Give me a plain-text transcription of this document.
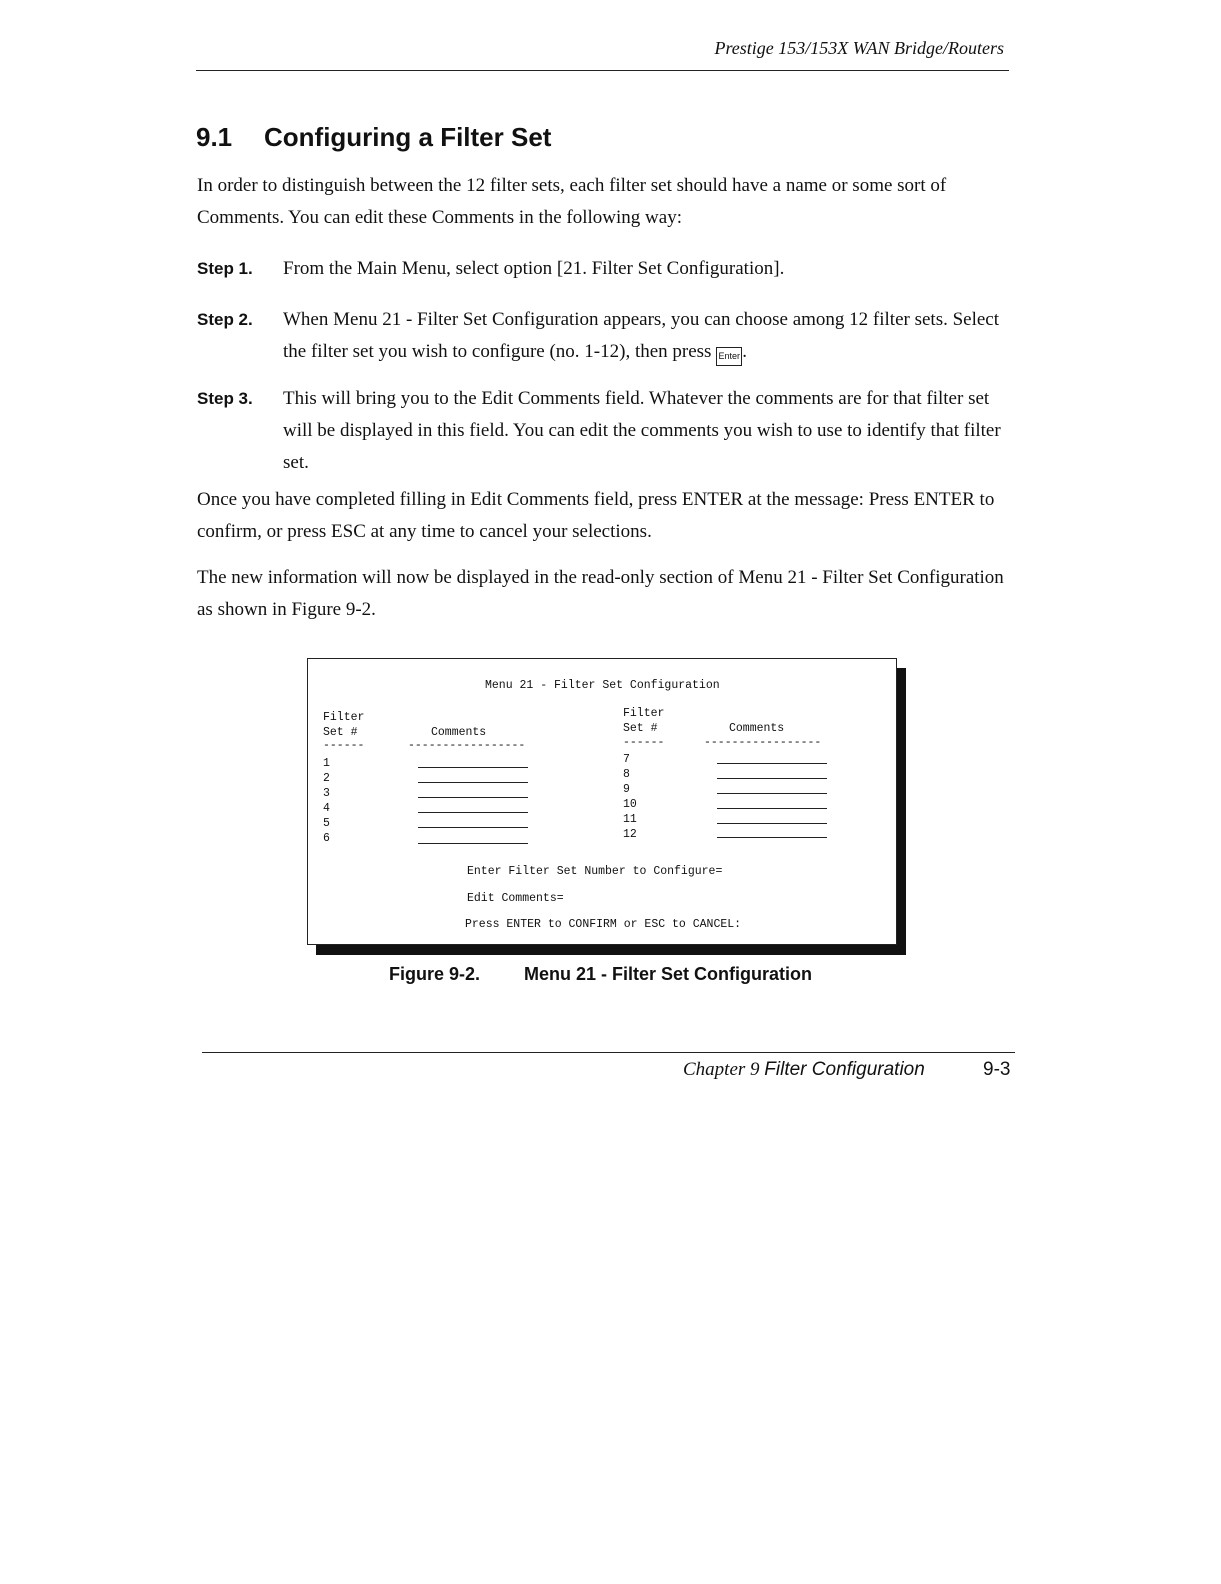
Prestige 153/153X WAN Bridge/Routers
9.1 Configuring a Filter Set
In order to distinguish between the 12 filter sets, each filter set should have a name or some sort of Comments. You can edit these Comments in the following way:
Step 1.	From the Main Menu, select option [21. Filter Set Configuration].
Step 2.	When Menu 21 - Filter Set Configuration appears, you can choose among 12 filter sets. Select the filter set you wish to configure (no. 1-12), then press Enter .
Step 3.	This will bring you to the Edit Comments field. Whatever the comments are for that filter set will be displayed in this field. You can edit the comments you wish to use to identify that filter set.
Once you have completed filling in Edit Comments field, press ENTER at the message: Press ENTER to confirm, or press ESC at any time to cancel your selections.
The new information will now be displayed in the read-only section of Menu 21 - Filter Set Configuration as shown in Figure 9-2.
Menu 21 - Filter Set Configuration
Filter
Set #	Comments
------	-----------------
Filter
Set #	Comments
------	-----------------
1
2
3
4
5
6
7
8
9
10
11
12
Enter Filter Set Number to Configure=
Edit Comments=
Press ENTER to CONFIRM or ESC to CANCEL:
Figure 9-2. Menu 21 - Filter Set Configuration
Chapter 9 Filter Configuration	9-3
